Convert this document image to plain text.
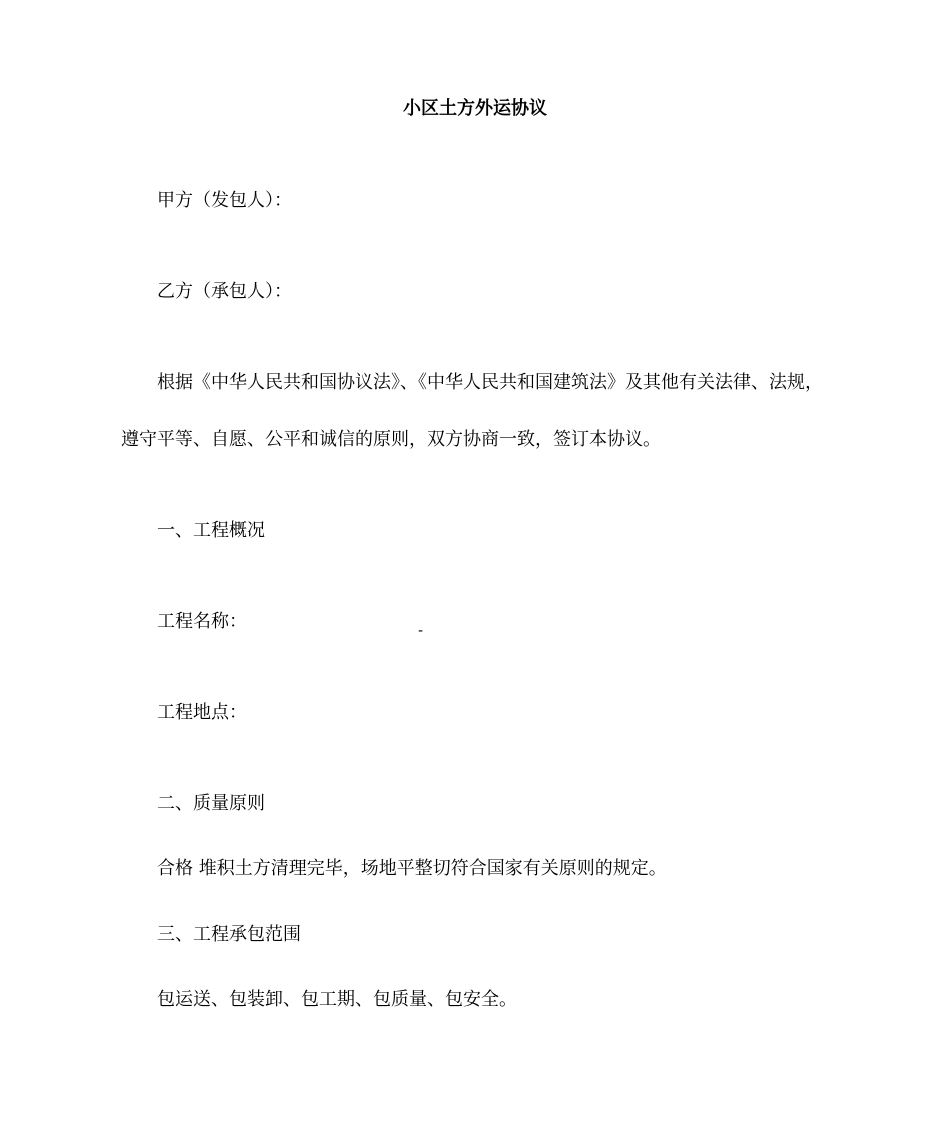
小区土方外运协议

甲方（发包人）：

乙方（承包人）：

根据《中华人民共和国协议法》、《中华人民共和国建筑法》及其他有关法律、法规，

遵守平等、自愿、公平和诚信的原则，双方协商一致，签订本协议。

一、工程概况

工程名称：	-

工程地点：

二、质量原则

合格 堆积土方清理完毕，场地平整切符合国家有关原则的规定。

三、工程承包范围

包运送、包装卸、包工期、包质量、包安全。
